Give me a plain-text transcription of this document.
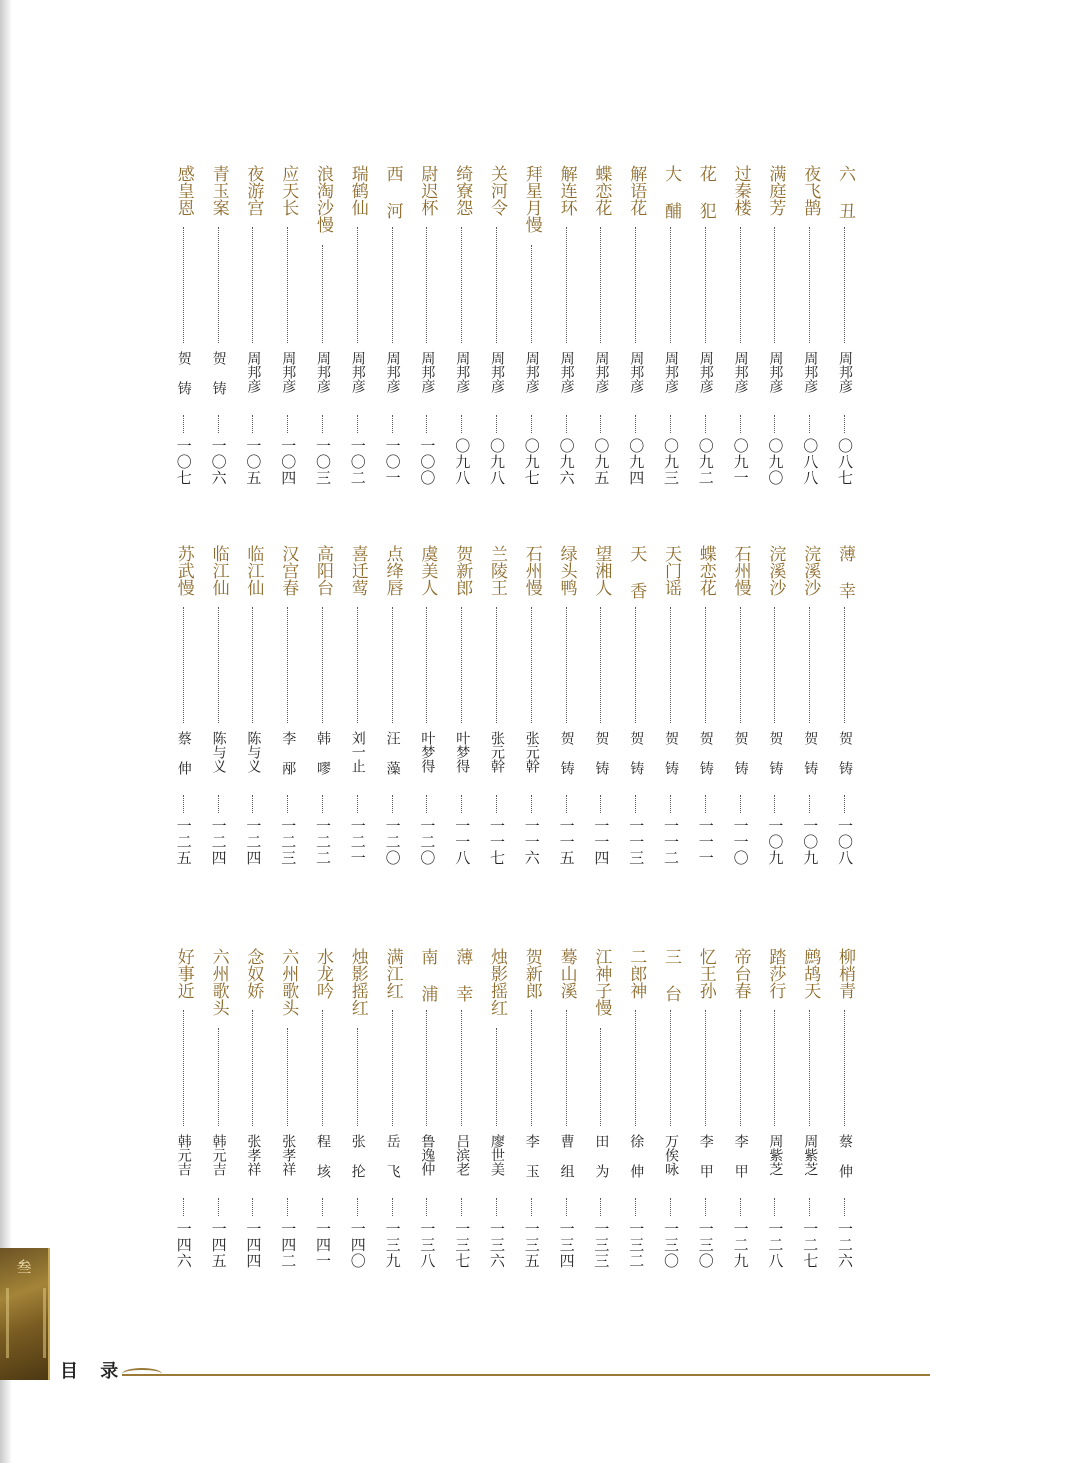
六 丑
周邦彦
〇八七
夜飞鹊
周邦彦
〇八八
满庭芳
周邦彦
〇九〇
过秦楼
周邦彦
〇九一
花 犯
周邦彦
〇九二
大 酺
周邦彦
〇九三
解语花
周邦彦
〇九四
蝶恋花
周邦彦
〇九五
解连环
周邦彦
〇九六
拜星月慢
周邦彦
〇九七
关河令
周邦彦
〇九八
绮寮怨
周邦彦
〇九八
尉迟杯
周邦彦
一〇〇
西 河
周邦彦
一〇一
瑞鹤仙
周邦彦
一〇二
浪淘沙慢
周邦彦
一〇三
应天长
周邦彦
一〇四
夜游宫
周邦彦
一〇五
青玉案
贺 铸
一〇六
感皇恩
贺 铸
一〇七
薄 幸
贺 铸
一〇八
浣溪沙
贺 铸
一〇九
浣溪沙
贺 铸
一〇九
石州慢
贺 铸
一一〇
蝶恋花
贺 铸
一一一
天门谣
贺 铸
一一二
天 香
贺 铸
一一三
望湘人
贺 铸
一一四
绿头鸭
贺 铸
一一五
石州慢
张元幹
一一六
兰陵王
张元幹
一一七
贺新郎
叶梦得
一一八
虞美人
叶梦得
一二〇
点绛唇
汪 藻
一二〇
喜迁莺
刘一止
一二一
高阳台
韩 嘐
一二二
汉宫春
李 邴
一二三
临江仙
陈与义
一二四
临江仙
陈与义
一二四
苏武慢
蔡 伸
一二五
柳梢青
蔡 伸
一二六
鹧鸪天
周紫芝
一二七
踏莎行
周紫芝
一二八
帝台春
李 甲
一二九
忆王孙
李 甲
一三〇
三 台
万俟咏
一三〇
二郎神
徐 伸
一三二
江神子慢
田 为
一三三
蓦山溪
曹 组
一三四
贺新郎
李 玉
一三五
烛影摇红
廖世美
一三六
薄 幸
吕滨老
一三七
南 浦
鲁逸仲
一三八
满江红
岳 飞
一三九
烛影摇红
张 抡
一四〇
水龙吟
程 垓
一四一
六州歌头
张孝祥
一四二
念奴娇
张孝祥
一四四
六州歌头
韩元吉
一四五
好事近
韩元吉
一四六
叁
目 录
